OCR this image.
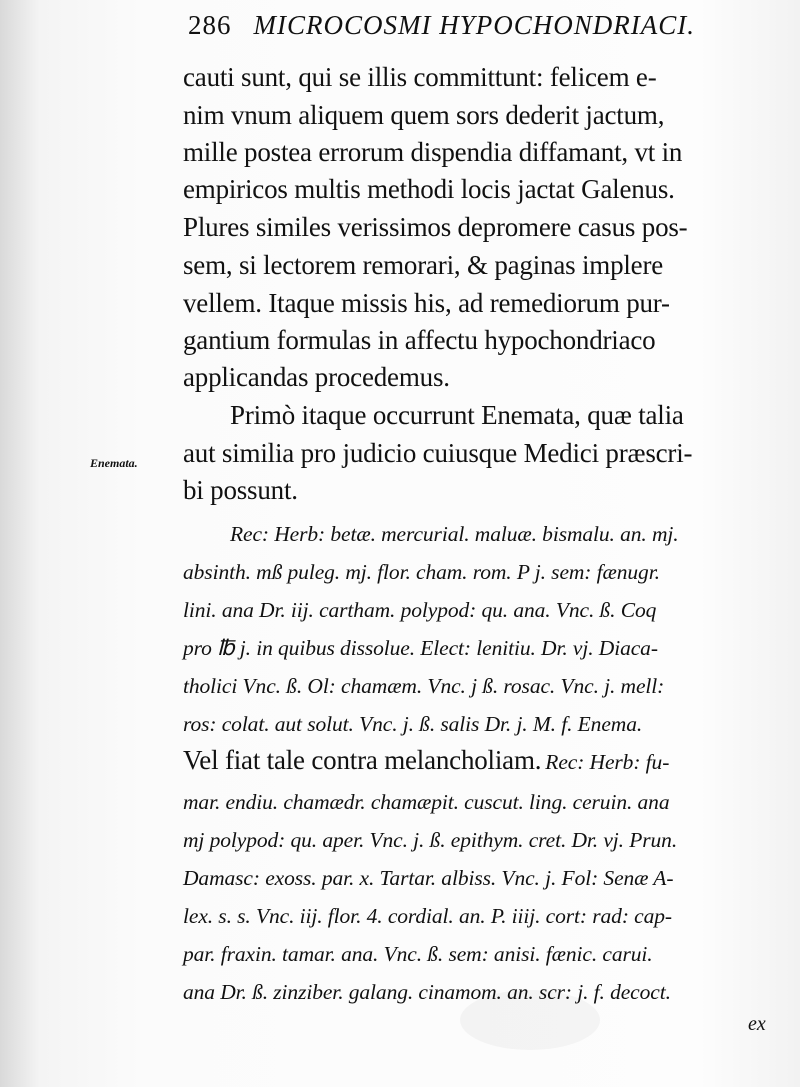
286 MICROCOSMI HYPOCHONDRIACI.
Enemata.
cauti sunt, qui se illis committunt: felicem e-
nim vnum aliquem quem sors dederit jactum,
mille postea errorum dispendia diffamant, vt in
empiricos multis methodi locis jactat Galenus.
Plures similes verissimos depromere casus pos-
sem, si lectorem remorari, & paginas implere
vellem. Itaque missis his, ad remediorum pur-
gantium formulas in affectu hypochondriaco
applicandas procedemus.
Primò itaque occurrunt Enemata, quæ talia
aut similia pro judicio cuiusque Medici præscri-
bi possunt.
Rec: Herb: betæ. mercurial. maluæ. bismalu. an. mj.
absinth. mß puleg. mj. flor. cham. rom. P j. sem: fænugr.
lini. ana Dr. iij. cartham. polypod: qu. ana. Vnc. ß. Coq
pro ℔ j. in quibus dissolue. Elect: lenitiu. Dr. vj. Diaca-
tholici Vnc. ß. Ol: chamæm. Vnc. j ß. rosac. Vnc. j. mell:
ros: colat. aut solut. Vnc. j. ß. salis Dr. j. M. f. Enema.
Vel fiat tale contra melancholiam. Rec: Herb: fu-
mar. endiu. chamædr. chamæpit. cuscut. ling. ceruin. ana
mj polypod: qu. aper. Vnc. j. ß. epithym. cret. Dr. vj. Prun.
Damasc: exoss. par. x. Tartar. albiss. Vnc. j. Fol: Senæ A-
lex. s. s. Vnc. iij. flor. 4. cordial. an. P. iiij. cort: rad: cap-
par. fraxin. tamar. ana. Vnc. ß. sem: anisi. fænic. carui.
ana Dr. ß. zinziber. galang. cinamom. an. scr: j. f. decoct.
ex
